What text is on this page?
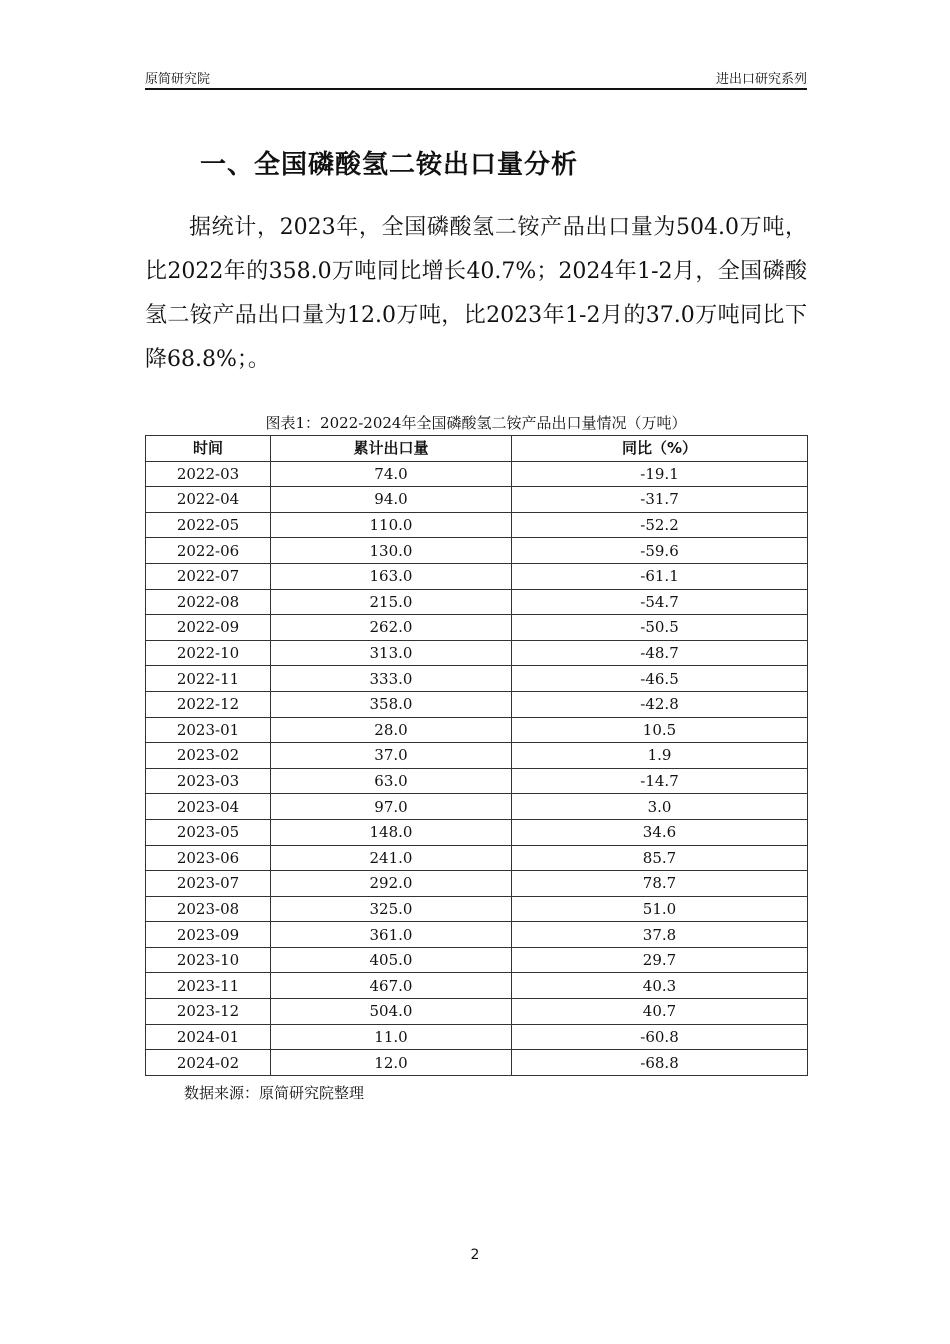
原简研究院	进出口研究系列
一、全国磷酸氢二铵出口量分析

据统计，2023年，全国磷酸氢二铵产品出口量为504.0万吨，比2022年的358.0万吨同比增长40.7%；2024年1-2月，全国磷酸氢二铵产品出口量为12.0万吨，比2023年1-2月的37.0万吨同比下降68.8%；。

图表1：2022-2024年全国磷酸氢二铵产品出口量情况（万吨）
时间	累计出口量	同比（%）
2022-03	74.0	-19.1
2022-04	94.0	-31.7
2022-05	110.0	-52.2
2022-06	130.0	-59.6
2022-07	163.0	-61.1
2022-08	215.0	-54.7
2022-09	262.0	-50.5
2022-10	313.0	-48.7
2022-11	333.0	-46.5
2022-12	358.0	-42.8
2023-01	28.0	10.5
2023-02	37.0	1.9
2023-03	63.0	-14.7
2023-04	97.0	3.0
2023-05	148.0	34.6
2023-06	241.0	85.7
2023-07	292.0	78.7
2023-08	325.0	51.0
2023-09	361.0	37.8
2023-10	405.0	29.7
2023-11	467.0	40.3
2023-12	504.0	40.7
2024-01	11.0	-60.8
2024-02	12.0	-68.8
数据来源：原简研究院整理
2
